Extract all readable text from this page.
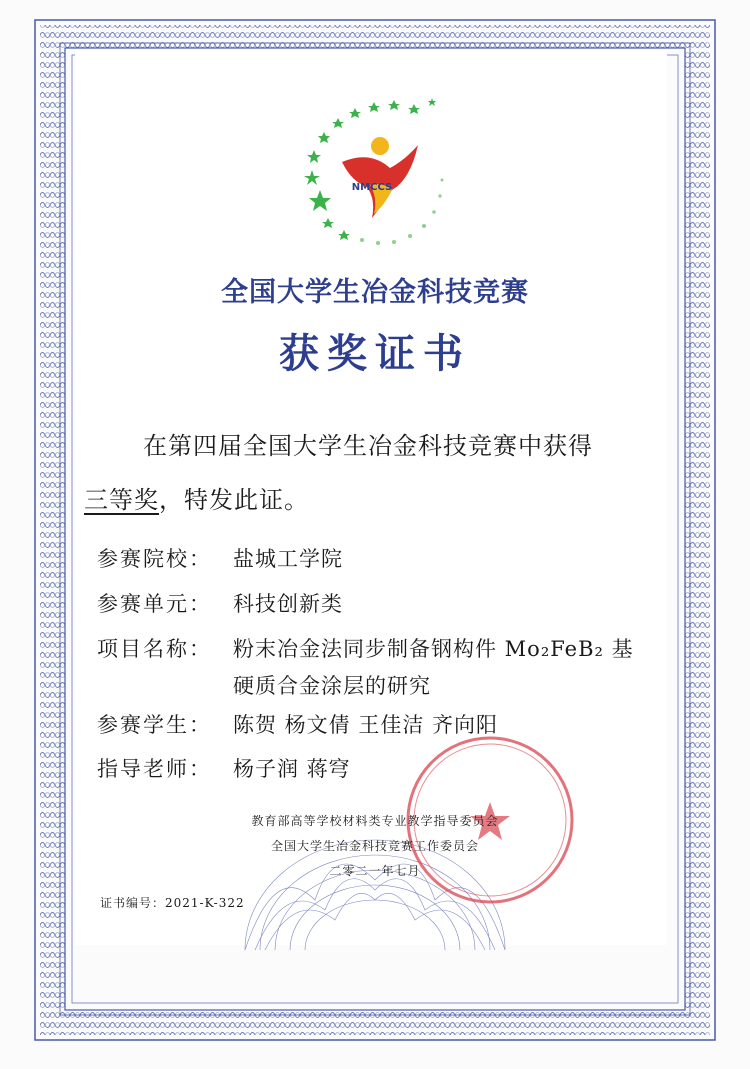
NMCCS
全国大学生冶金科技竞赛
获奖证书
在第四届全国大学生冶金科技竞赛中获得
三等奖，特发此证。
参赛院校： 盐城工学院
参赛单元： 科技创新类
项目名称： 粉末冶金法同步制备钢构件 Mo₂FeB₂ 基
硬质合金涂层的研究
参赛学生： 陈贺 杨文倩 王佳洁 齐向阳
指导老师： 杨子润 蒋穹
教育部高等学校材料类专业教学指导委员会
全国大学生冶金科技竞赛工作委员会
二零二一年七月
证书编号：2021-K-322
